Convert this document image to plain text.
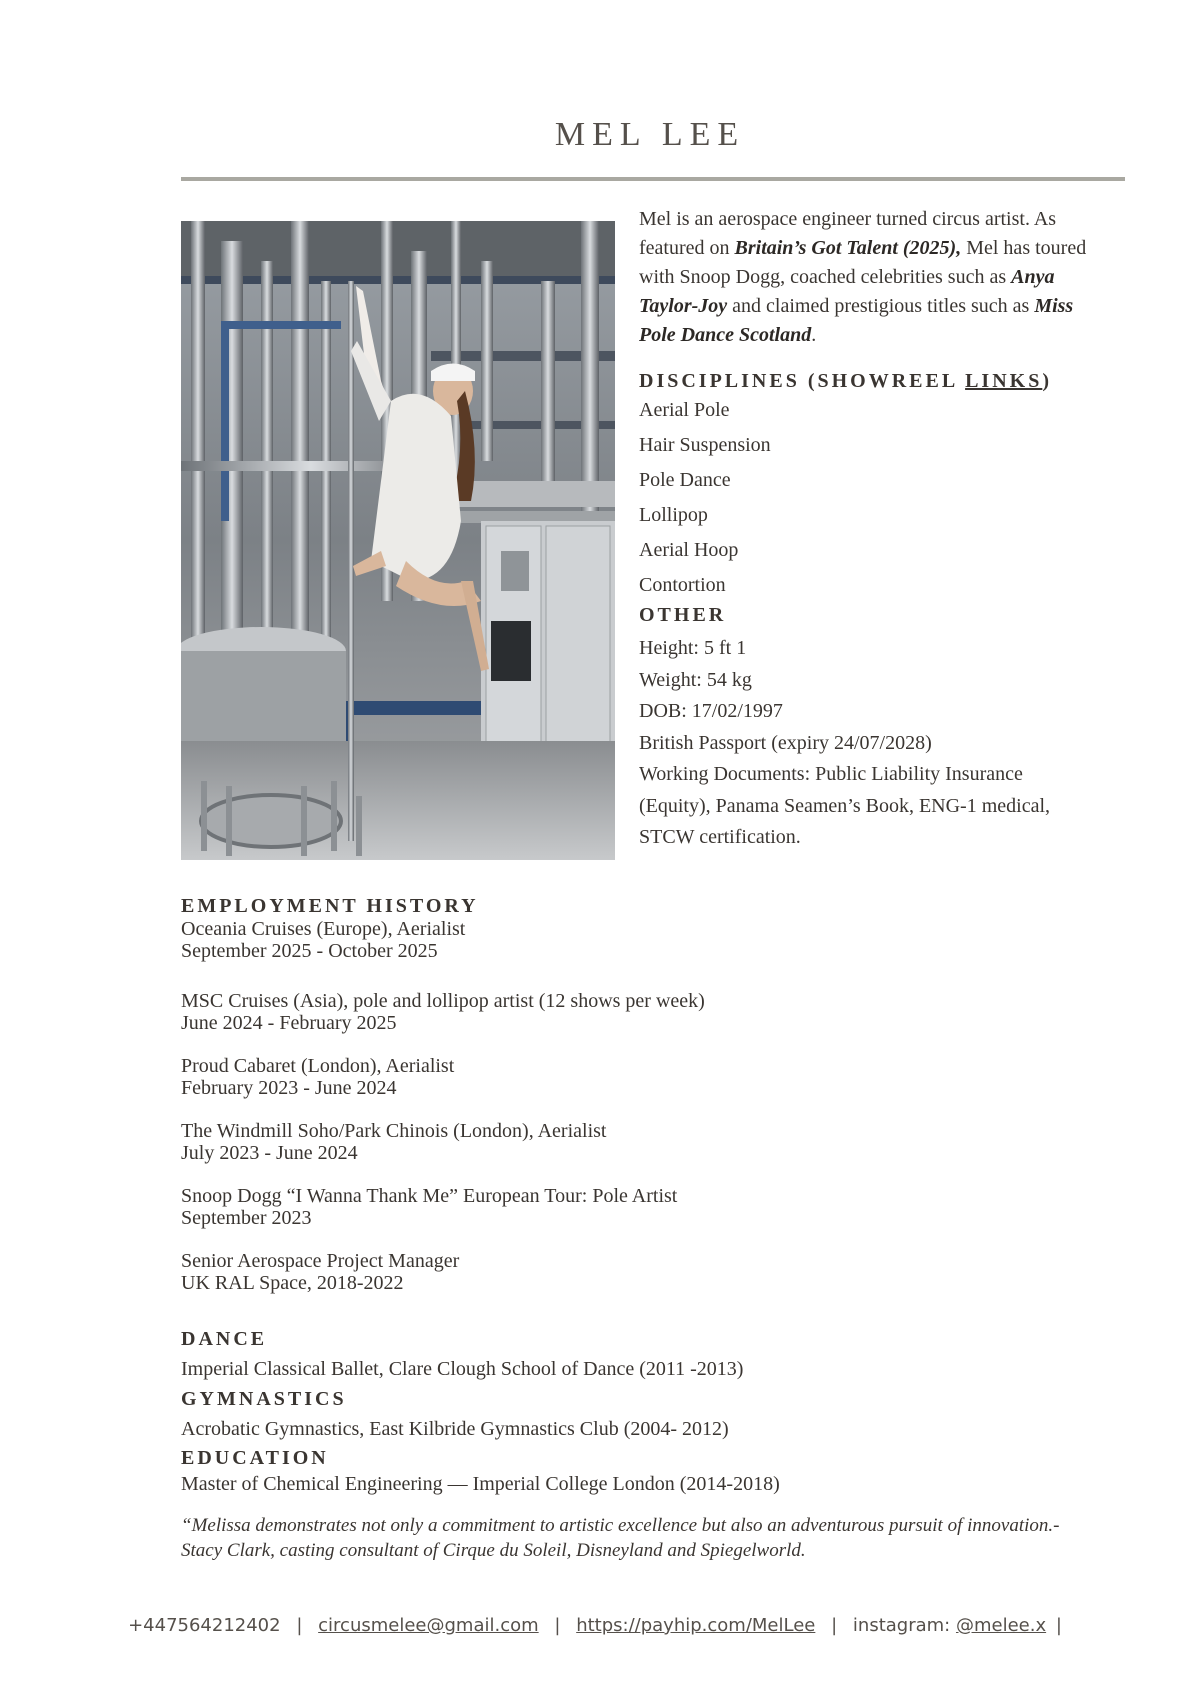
MEL LEE

Mel is an aerospace engineer turned circus artist. As featured on Britain’s Got Talent (2025), Mel has toured with Snoop Dogg, coached celebrities such as Anya Taylor-Joy and claimed prestigious titles such as Miss Pole Dance Scotland.

DISCIPLINES (SHOWREEL LINKS)
Aerial Pole
Hair Suspension
Pole Dance
Lollipop
Aerial Hoop
Contortion
OTHER
Height: 5 ft 1
Weight: 54 kg
DOB: 17/02/1997
British Passport (expiry 24/07/2028)
Working Documents: Public Liability Insurance
(Equity), Panama Seamen’s Book, ENG-1 medical,
STCW certification.
EMPLOYMENT HISTORY
Oceania Cruises (Europe), Aerialist
September 2025 - October 2025
MSC Cruises (Asia), pole and lollipop artist (12 shows per week)
June 2024 - February 2025
Proud Cabaret (London), Aerialist
February 2023 - June 2024
The Windmill Soho/Park Chinois (London), Aerialist
July 2023 - June 2024
Snoop Dogg “I Wanna Thank Me” European Tour: Pole Artist
September 2023
Senior Aerospace Project Manager
UK RAL Space, 2018-2022
DANCE
Imperial Classical Ballet, Clare Clough School of Dance (2011 -2013)
GYMNASTICS
Acrobatic Gymnastics, East Kilbride Gymnastics Club (2004- 2012)
EDUCATION
Master of Chemical Engineering — Imperial College London (2014-2018)
“Melissa demonstrates not only a commitment to artistic excellence but also an adventurous pursuit of innovation.-
Stacy Clark, casting consultant of Cirque du Soleil, Disneyland and Spiegelworld.
+447564212402 | circusmelee@gmail.com | https://payhip.com/MelLee | instagram: @melee.x |
